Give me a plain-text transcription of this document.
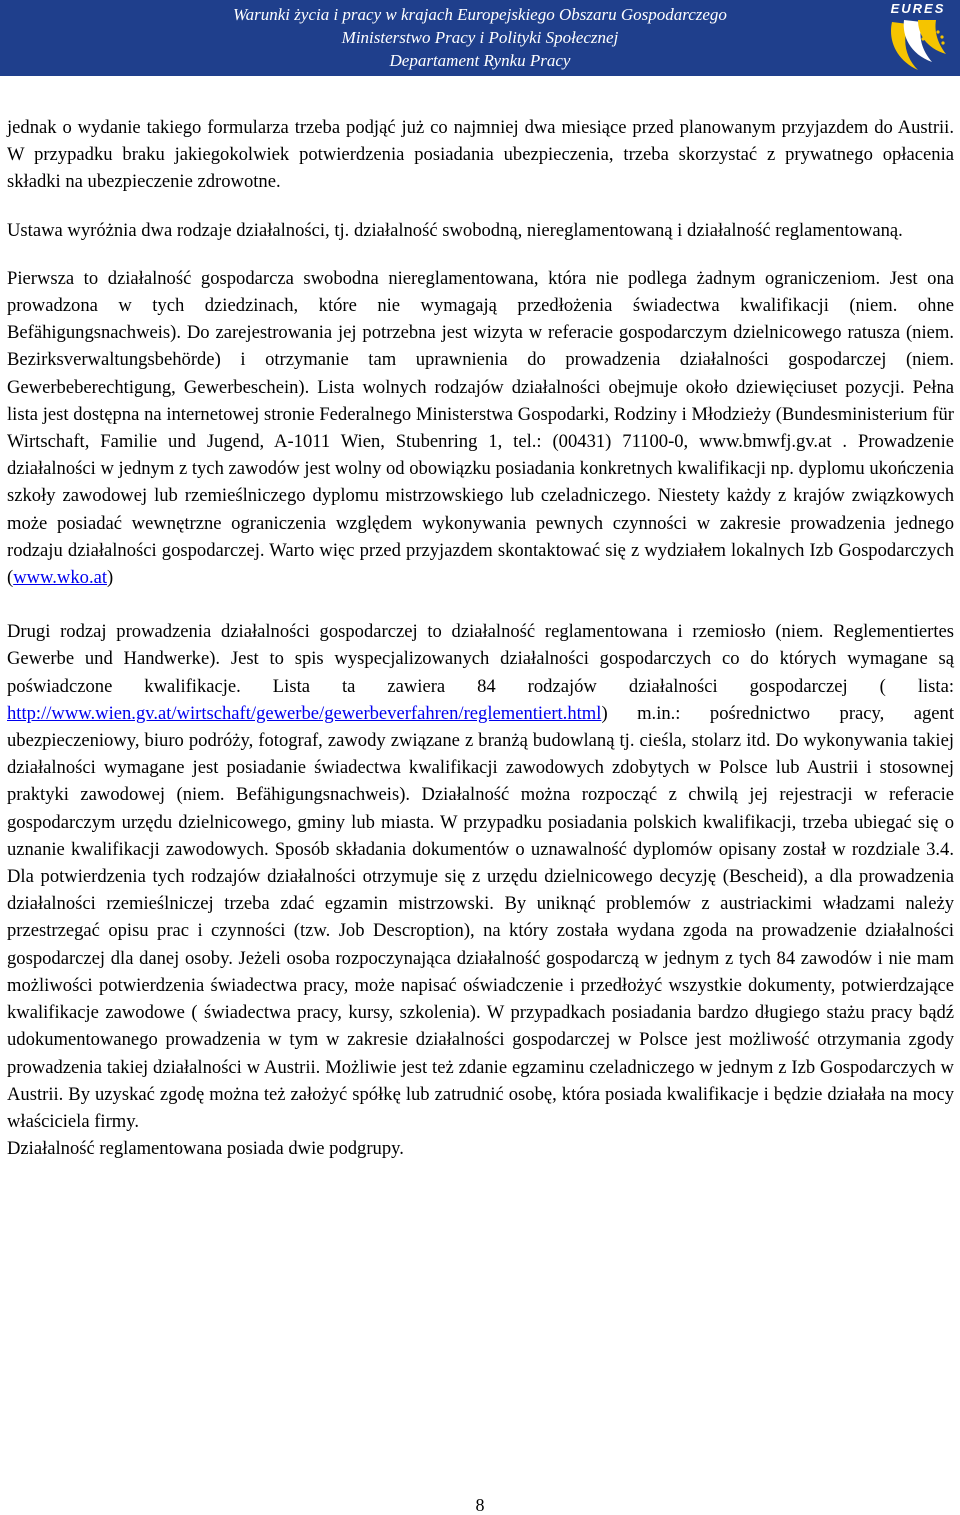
Warunki życia i pracy w krajach Europejskiego Obszaru Gospodarczego
Ministerstwo Pracy i Polityki Społecznej
Departament Rynku Pracy
EURES

jednak o wydanie takiego formularza trzeba podjąć już co najmniej dwa miesiące przed planowanym przyjazdem do Austrii. W przypadku braku jakiegokolwiek potwierdzenia posiadania ubezpieczenia, trzeba skorzystać z prywatnego opłacenia składki na ubezpieczenie zdrowotne.

Ustawa wyróżnia dwa rodzaje działalności, tj. działalność swobodną, niereglamentowaną i działalność reglamentowaną.

Pierwsza to działalność gospodarcza swobodna niereglamentowana, która nie podlega żadnym ograniczeniom. Jest ona prowadzona w tych dziedzinach, które nie wymagają przedłożenia świadectwa kwalifikacji (niem. ohne Befähigungsnachweis). Do zarejestrowania jej potrzebna jest wizyta w referacie gospodarczym dzielnicowego ratusza (niem. Bezirksverwaltungsbehörde) i otrzymanie tam uprawnienia do prowadzenia działalności gospodarczej (niem. Gewerbeberechtigung, Gewerbeschein). Lista wolnych rodzajów działalności obejmuje około dziewięciuset pozycji. Pełna lista jest dostępna na internetowej stronie Federalnego Ministerstwa Gospodarki, Rodziny i Młodzieży (Bundesministerium für Wirtschaft, Familie und Jugend, A-1011 Wien, Stubenring 1, tel.: (00431) 71100-0, www.bmwfj.gv.at . Prowadzenie działalności w jednym z tych zawodów jest wolny od obowiązku posiadania konkretnych kwalifikacji np. dyplomu ukończenia szkoły zawodowej lub rzemieślniczego dyplomu mistrzowskiego lub czeladniczego. Niestety każdy z krajów związkowych może posiadać wewnętrzne ograniczenia względem wykonywania pewnych czynności w zakresie prowadzenia jednego rodzaju działalności gospodarczej. Warto więc przed przyjazdem skontaktować się z wydziałem lokalnych Izb Gospodarczych (www.wko.at)

Drugi rodzaj prowadzenia działalności gospodarczej to działalność reglamentowana i rzemiosło (niem. Reglementiertes Gewerbe und Handwerke). Jest to spis wyspecjalizowanych działalności gospodarczych co do których wymagane są poświadczone kwalifikacje. Lista ta zawiera 84 rodzajów działalności gospodarczej ( lista: http://www.wien.gv.at/wirtschaft/gewerbe/gewerbeverfahren/reglementiert.html) m.in.: pośrednictwo pracy, agent ubezpieczeniowy, biuro podróży, fotograf, zawody związane z branżą budowlaną tj. cieśla, stolarz itd. Do wykonywania takiej działalności wymagane jest posiadanie świadectwa kwalifikacji zawodowych zdobytych w Polsce lub Austrii i stosownej praktyki zawodowej (niem. Befähigungsnachweis). Działalność można rozpocząć z chwilą jej rejestracji w referacie gospodarczym urzędu dzielnicowego, gminy lub miasta. W przypadku posiadania polskich kwalifikacji, trzeba ubiegać się o uznanie kwalifikacji zawodowych. Sposób składania dokumentów o uznawalność dyplomów opisany został w rozdziale 3.4. Dla potwierdzenia tych rodzajów działalności otrzymuje się z urzędu dzielnicowego decyzję (Bescheid), a dla prowadzenia działalności rzemieślniczej trzeba zdać egzamin mistrzowski. By uniknąć problemów z austriackimi władzami należy przestrzegać opisu prac i czynności (tzw. Job Descroption), na który została wydana zgoda na prowadzenie działalności gospodarczej dla danej osoby. Jeżeli osoba rozpoczynająca działalność gospodarczą w jednym z tych 84 zawodów i nie mam możliwości potwierdzenia świadectwa pracy, może napisać oświadczenie i przedłożyć wszystkie dokumenty, potwierdzające kwalifikacje zawodowe ( świadectwa pracy, kursy, szkolenia). W przypadkach posiadania bardzo długiego stażu pracy bądź udokumentowanego prowadzenia w tym w zakresie działalności gospodarczej w Polsce jest możliwość otrzymania zgody prowadzenia takiej działalności w Austrii. Możliwie jest też zdanie egzaminu czeladniczego w jednym z Izb Gospodarczych w Austrii. By uzyskać zgodę można też założyć spółkę lub zatrudnić osobę, która posiada kwalifikacje i będzie działała na mocy właściciela firmy.

Działalność reglamentowana posiada dwie podgrupy.

8
